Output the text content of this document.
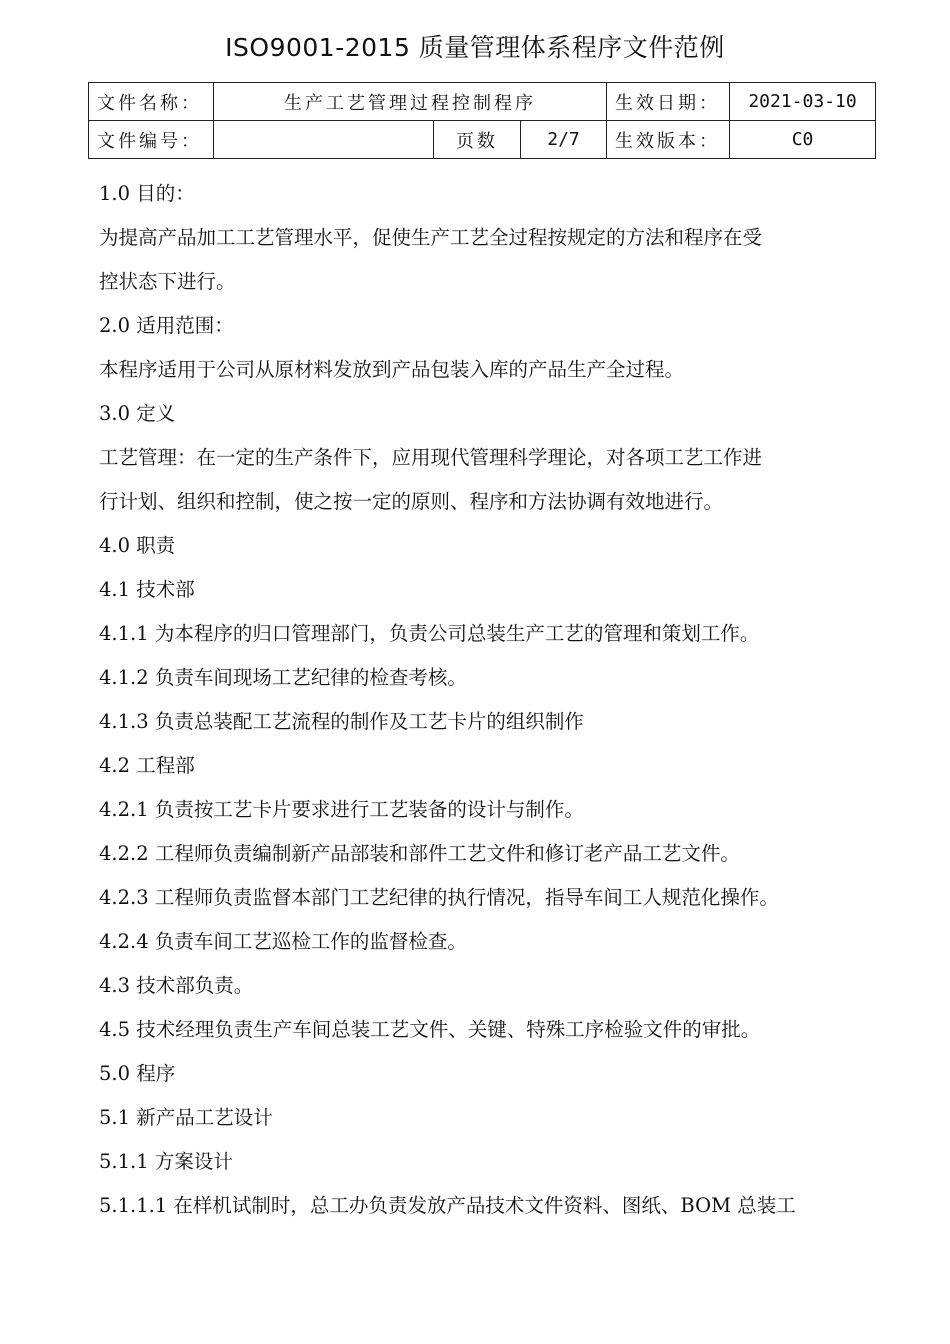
ISO9001-2015 质量管理体系程序文件范例
文件名称：	生产工艺管理过程控制程序			生效日期：	2021-03-10
文件编号：		页数	2/7	生效版本：	C0

1.0 目的：

为提高产品加工工艺管理水平，促使生产工艺全过程按规定的方法和程序在受

控状态下进行。

2.0 适用范围：

本程序适用于公司从原材料发放到产品包装入库的产品生产全过程。

3.0 定义

工艺管理：在一定的生产条件下，应用现代管理科学理论，对各项工艺工作进

行计划、组织和控制，使之按一定的原则、程序和方法协调有效地进行。

4.0 职责

4.1 技术部

4.1.1 为本程序的归口管理部门，负责公司总装生产工艺的管理和策划工作。

4.1.2 负责车间现场工艺纪律的检查考核。

4.1.3 负责总装配工艺流程的制作及工艺卡片的组织制作

4.2 工程部

4.2.1 负责按工艺卡片要求进行工艺装备的设计与制作。

4.2.2 工程师负责编制新产品部装和部件工艺文件和修订老产品工艺文件。

4.2.3 工程师负责监督本部门工艺纪律的执行情况，指导车间工人规范化操作。

4.2.4 负责车间工艺巡检工作的监督检查。

4.3 技术部负责。

4.5 技术经理负责生产车间总装工艺文件、关键、特殊工序检验文件的审批。

5.0 程序

5.1 新产品工艺设计

5.1.1 方案设计

5.1.1.1 在样机试制时，总工办负责发放产品技术文件资料、图纸、BOM 总装工
